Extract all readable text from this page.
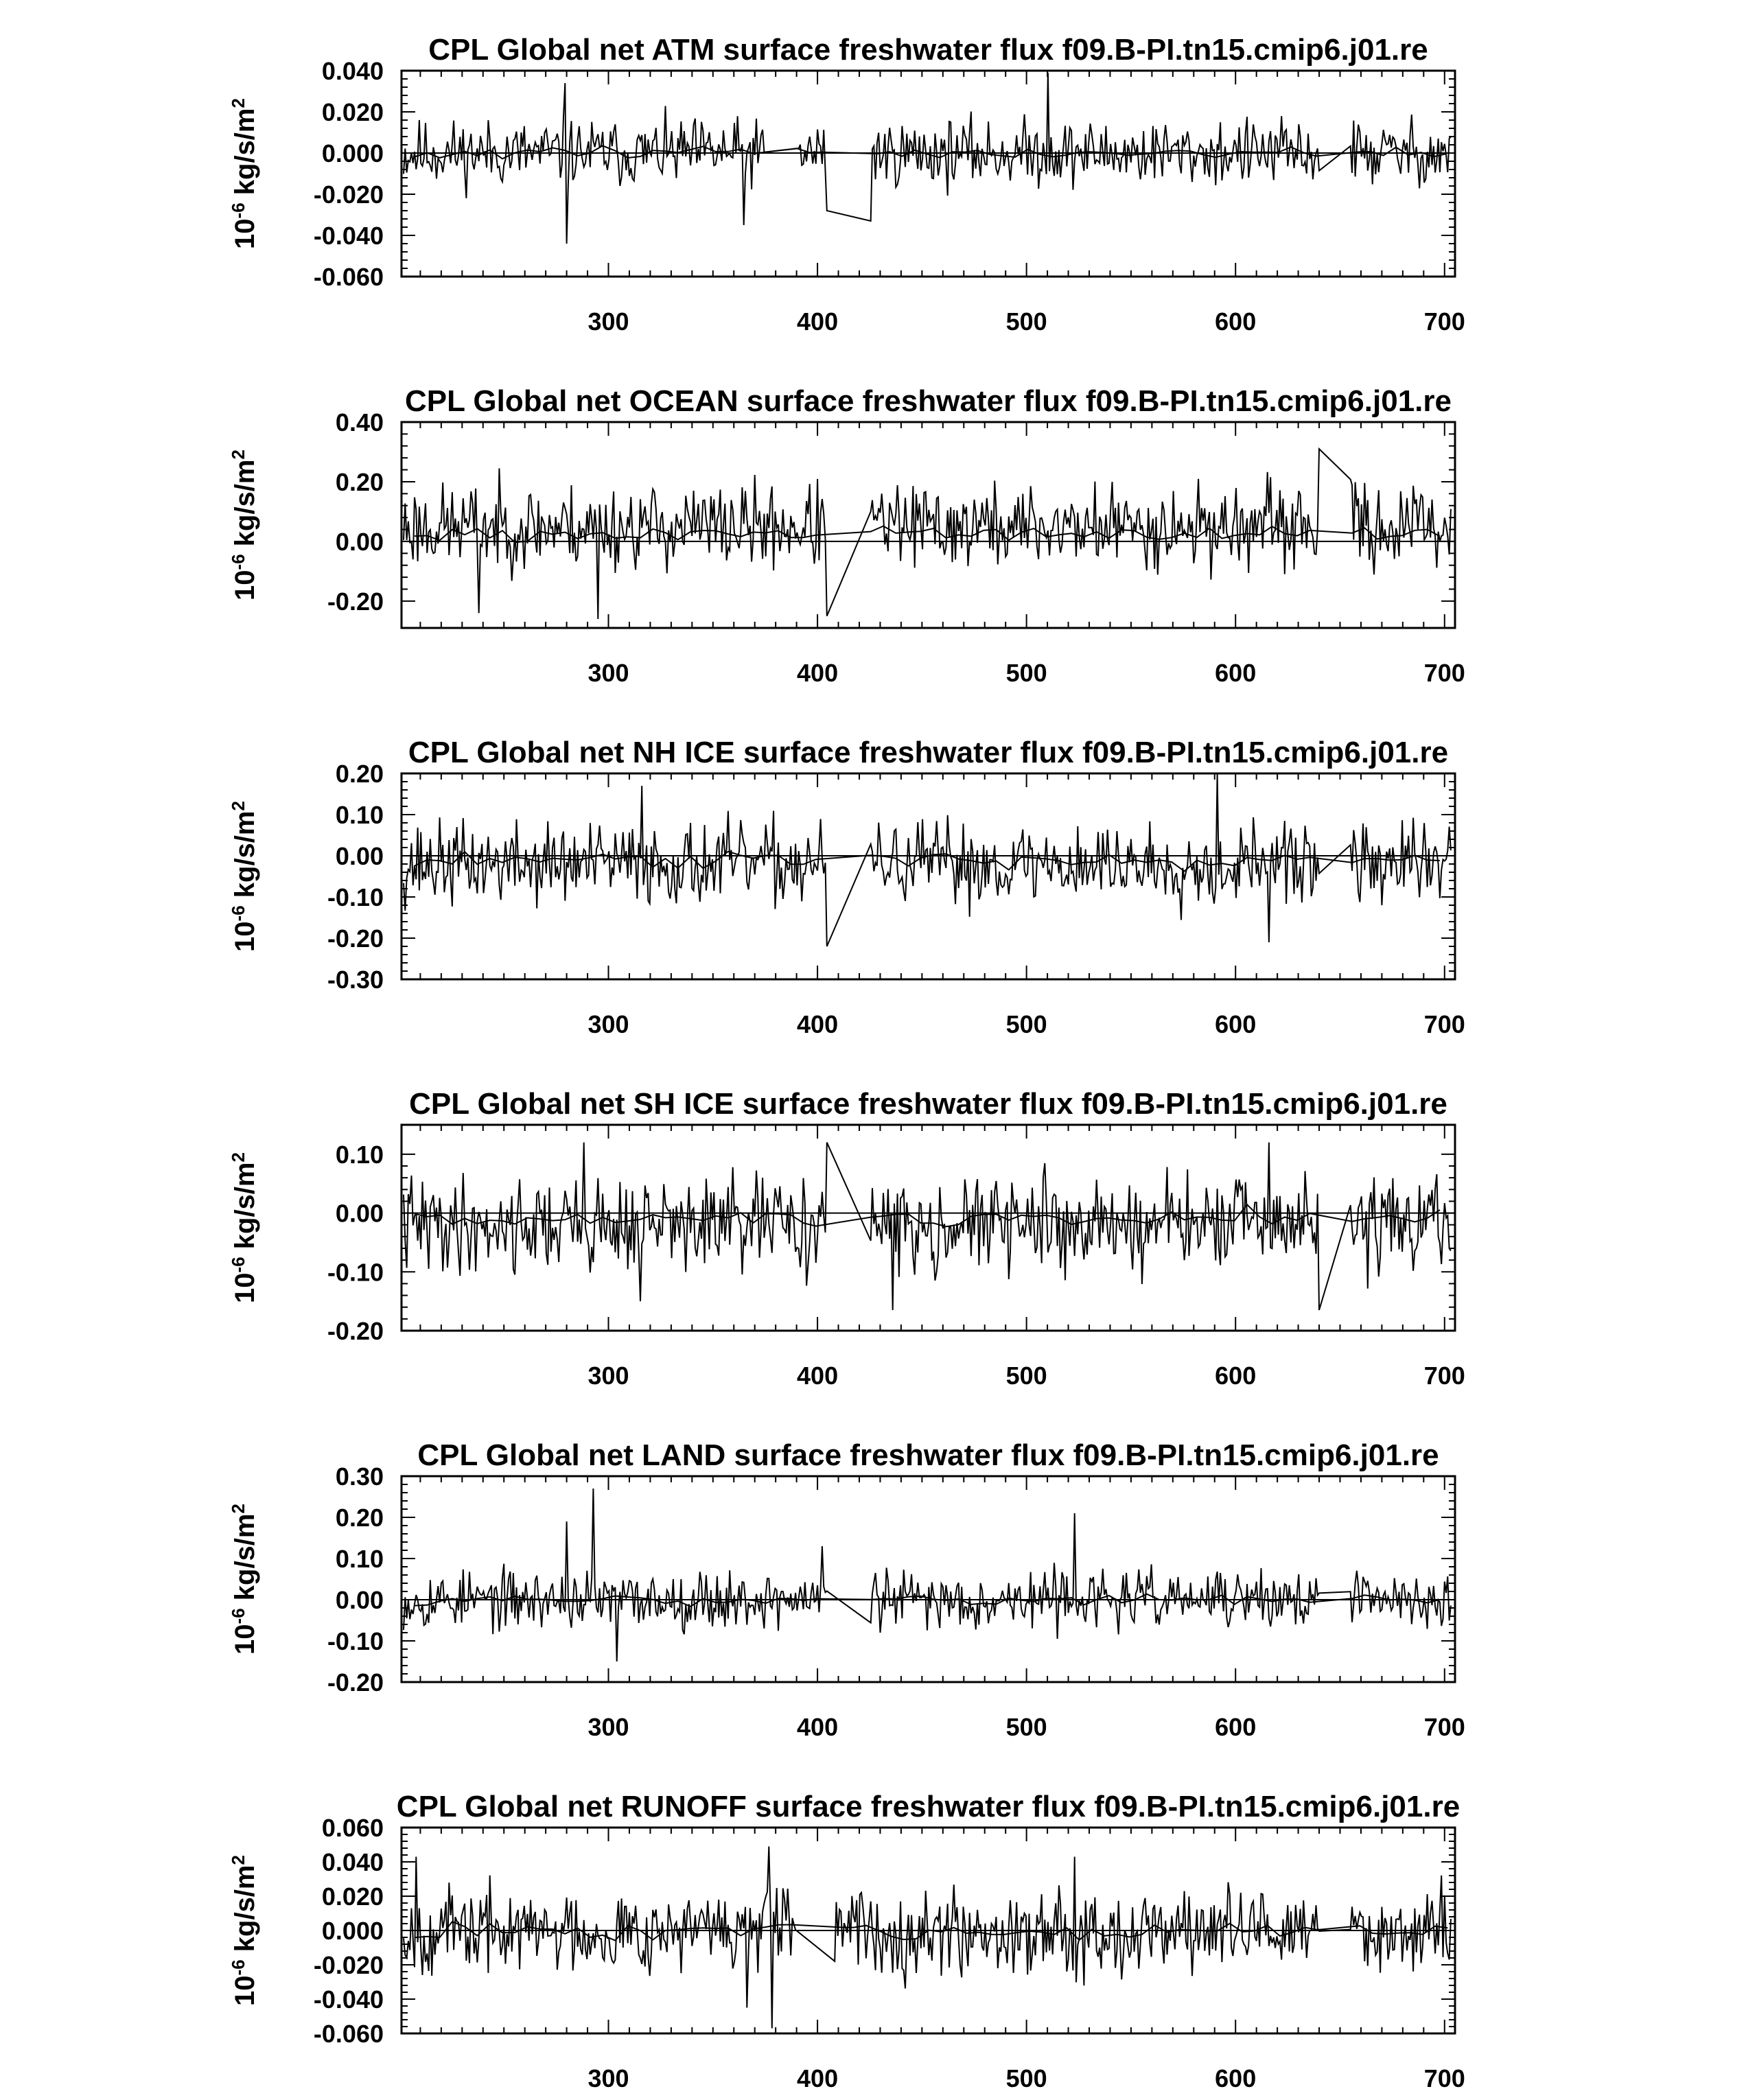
CPL Global net ATM surface freshwater flux f09.B-PI.tn15.cmip6.j01.re
$10^{-6}$ $kg/s/m^2$
300	400	500	600	700
-0.060
-0.040
-0.020
0.000
0.020
0.040
CPL Global net OCEAN surface freshwater flux f09.B-PI.tn15.cmip6.j01.re
$10^{-6}$ $kg/s/m^2$
300	400	500	600	700
-0.20
0.00
0.20
0.40
CPL Global net NH ICE surface freshwater flux f09.B-PI.tn15.cmip6.j01.re
$10^{-6}$ $kg/s/m^2$
300	400	500	600	700
-0.30
-0.20
-0.10
0.00
0.10
0.20
CPL Global net SH ICE surface freshwater flux f09.B-PI.tn15.cmip6.j01.re
$10^{-6}$ $kg/s/m^2$
300	400	500	600	700
-0.20
-0.10
0.00
0.10
CPL Global net LAND surface freshwater flux f09.B-PI.tn15.cmip6.j01.re
$10^{-6}$ $kg/s/m^2$
300	400	500	600	700
-0.20
-0.10
0.00
0.10
0.20
0.30
CPL Global net RUNOFF surface freshwater flux f09.B-PI.tn15.cmip6.j01.re
$10^{-6}$ $kg/s/m^2$
300	400	500	600	700
-0.060
-0.040
-0.020
0.000
0.020
0.040
0.060
